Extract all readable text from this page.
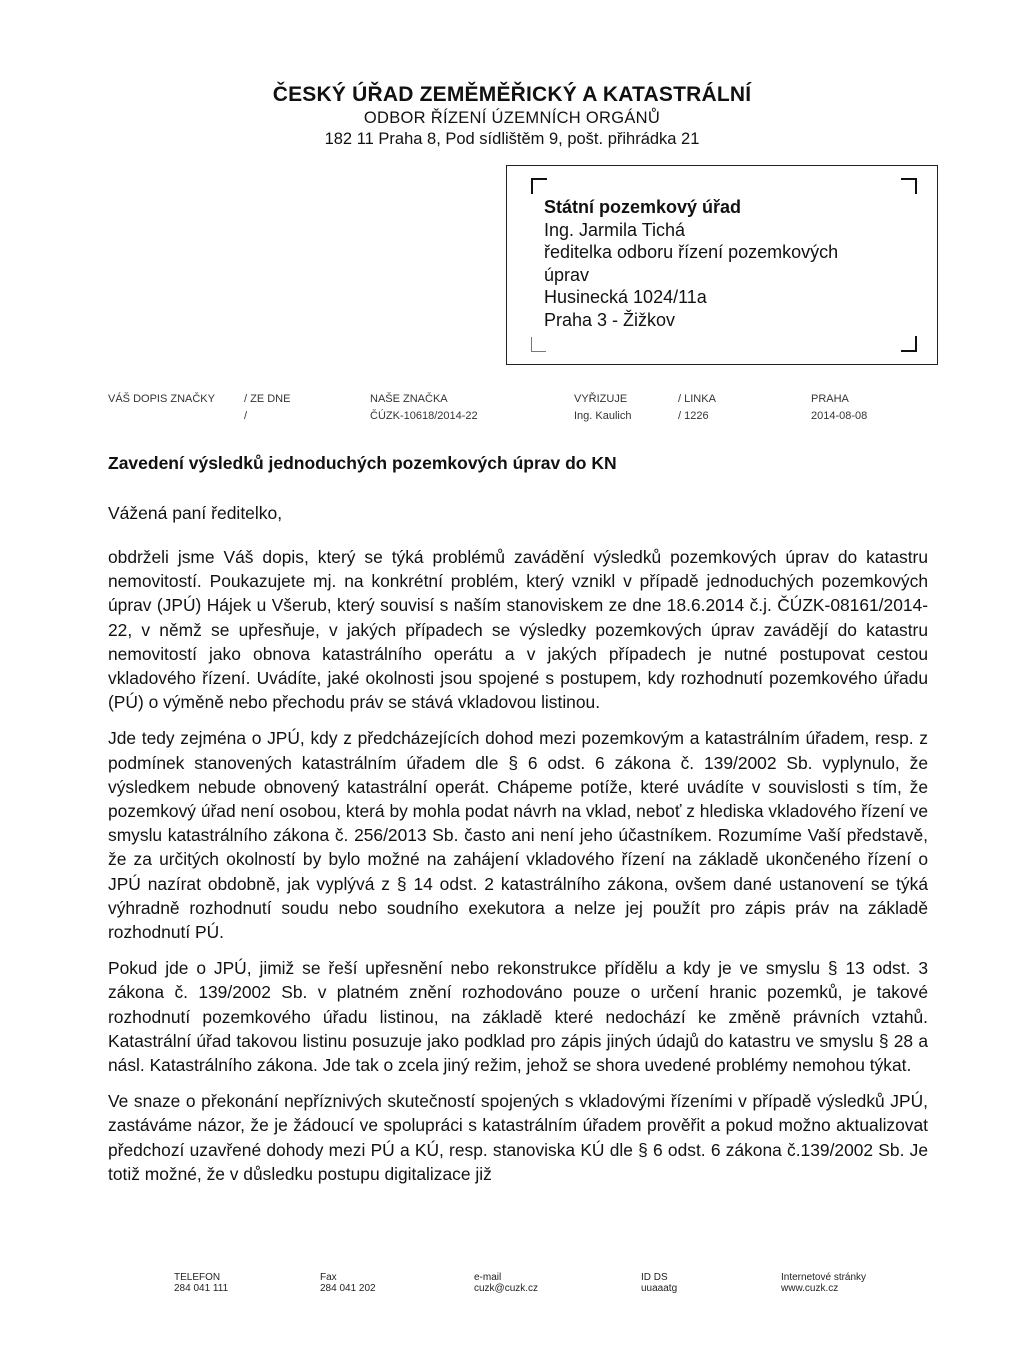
ČESKÝ ÚŘAD ZEMĚMĚŘICKÝ A KATASTRÁLNÍ
ODBOR ŘÍZENÍ ÚZEMNÍCH ORGÁNŮ
182 11 Praha 8, Pod sídlištěm 9, pošt. přihrádka 21
Státní pozemkový úřad
Ing. Jarmila Tichá
ředitelka odboru řízení pozemkových
úprav
Husinecká 1024/11a
Praha 3 - Žižkov
VÁŠ DOPIS ZNAČKY	/ ZE DNE
/
NAŠE ZNAČKA
ČÚZK-10618/2014-22
VYŘIZUJE
Ing. Kaulich
/ LINKA
/ 1226
PRAHA
2014-08-08
Zavedení výsledků jednoduchých pozemkových úprav do KN
Vážená paní ředitelko,

obdrželi jsme Váš dopis, který se týká problémů zavádění výsledků pozemkových úprav do katastru nemovitostí. Poukazujete mj. na konkrétní problém, který vznikl v případě jednoduchých pozemkových úprav (JPÚ) Hájek u Všerub, který souvisí s naším stanoviskem ze dne 18.6.2014 č.j. ČÚZK-08161/2014-22, v němž se upřesňuje, v jakých případech se výsledky pozemkových úprav zavádějí do katastru nemovitostí jako obnova katastrálního operátu a v jakých případech je nutné postupovat cestou vkladového řízení. Uvádíte, jaké okolnosti jsou spojené s postupem, kdy rozhodnutí pozemkového úřadu (PÚ) o výměně nebo přechodu práv se stává vkladovou listinou.

Jde tedy zejména o JPÚ, kdy z předcházejících dohod mezi pozemkovým a katastrálním úřadem, resp. z podmínek stanovených katastrálním úřadem dle § 6 odst. 6 zákona č. 139/2002 Sb. vyplynulo, že výsledkem nebude obnovený katastrální operát. Chápeme potíže, které uvádíte v souvislosti s tím, že pozemkový úřad není osobou, která by mohla podat návrh na vklad, neboť z hlediska vkladového řízení ve smyslu katastrálního zákona č. 256/2013 Sb. často ani není jeho účastníkem. Rozumíme Vaší představě, že za určitých okolností by bylo možné na zahájení vkladového řízení na základě ukončeného řízení o JPÚ nazírat obdobně, jak vyplývá z § 14 odst. 2 katastrálního zákona, ovšem dané ustanovení se týká výhradně rozhodnutí soudu nebo soudního exekutora a nelze jej použít pro zápis práv na základě rozhodnutí PÚ.

Pokud jde o JPÚ, jimiž se řeší upřesnění nebo rekonstrukce přídělu a kdy je ve smyslu § 13 odst. 3 zákona č. 139/2002 Sb. v platném znění rozhodováno pouze o určení hranic pozemků, je takové rozhodnutí pozemkového úřadu listinou, na základě které nedochází ke změně právních vztahů. Katastrální úřad takovou listinu posuzuje jako podklad pro zápis jiných údajů do katastru ve smyslu § 28 a násl. Katastrálního zákona. Jde tak o zcela jiný režim, jehož se shora uvedené problémy nemohou týkat.

Ve snaze o překonání nepříznivých skutečností spojených s vkladovými řízeními v případě výsledků JPÚ, zastáváme názor, že je žádoucí ve spolupráci s katastrálním úřadem prověřit a pokud možno aktualizovat předchozí uzavřené dohody mezi PÚ a KÚ, resp. stanoviska KÚ dle § 6 odst. 6 zákona č.139/2002 Sb. Je totiž možné, že v důsledku postupu digitalizace již

TELEFON
284 041 111
Fax
284 041 202
e-mail
cuzk@cuzk.cz
ID DS
uuaaatg
Internetové stránky
www.cuzk.cz
